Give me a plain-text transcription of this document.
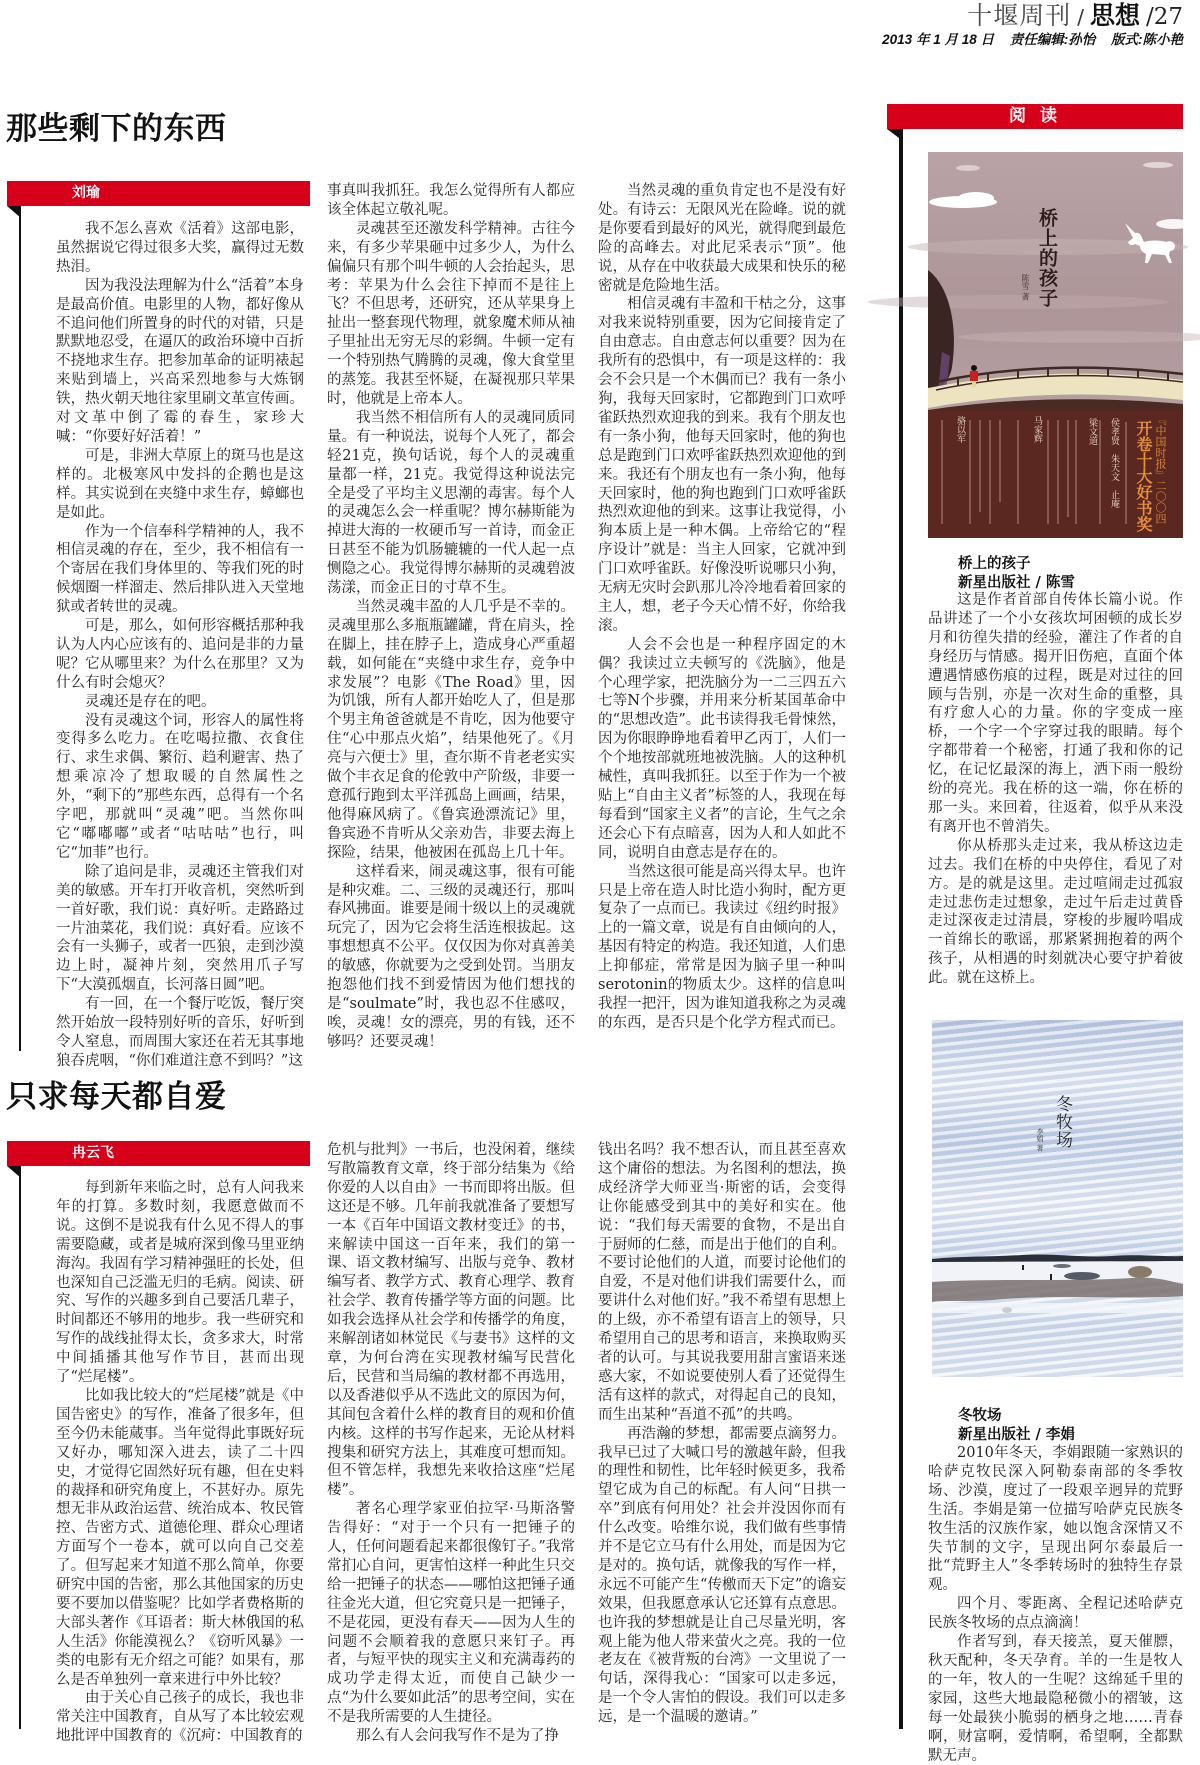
十堰周刊 / 思想 /27
2013 年 1 月 18 日 责任编辑:孙怡 版式:陈小艳
那些剩下的东西
刘瑜

我不怎么喜欢《活着》这部电影，虽然据说它得过很多大奖，赢得过无数热泪。

因为我没法理解为什么“活着”本身是最高价值。电影里的人物，都好像从不追问他们所置身的时代的对错，只是默默地忍受，在逼仄的政治环境中百折不挠地求生存。把参加革命的证明裱起来贴到墙上，兴高采烈地参与大炼钢铁，热火朝天地往家里刷文革宣传画。对文革中倒了霉的春生，家珍大喊：“你要好好活着！”

可是，非洲大草原上的斑马也是这样的。北极寒风中发抖的企鹅也是这样。其实说到在夹缝中求生存，蟑螂也是如此。

作为一个信奉科学精神的人，我不相信灵魂的存在，至少，我不相信有一个寄居在我们身体里的、等我们死的时候烟圈一样溜走、然后排队进入天堂地狱或者转世的灵魂。

可是，那么，如何形容概括那种我认为人内心应该有的、追问是非的力量呢？它从哪里来？为什么在那里？又为什么有时会熄灭？

灵魂还是存在的吧。

没有灵魂这个词，形容人的属性将变得多么吃力。在吃喝拉撒、衣食住行、求生求偶、繁衍、趋利避害、热了想乘凉冷了想取暖的自然属性之外，“剩下的”那些东西，总得有一个名字吧，那就叫“灵魂”吧。当然你叫它“嘟嘟嘟”或者“咕咕咕”也行，叫它“加菲”也行。

除了追问是非，灵魂还主管我们对美的敏感。开车打开收音机，突然听到一首好歌，我们说：真好听。走路路过一片油菜花，我们说：真好看。应该不会有一头狮子，或者一匹狼，走到沙漠边上时，凝神片刻，突然用爪子写下“大漠孤烟直，长河落日圆”吧。

有一回，在一个餐厅吃饭，餐厅突然开始放一段特别好听的音乐，好听到令人窒息，而周围大家还在若无其事地狼吞虎咽，“你们难道注意不到吗？”这

事真叫我抓狂。我怎么觉得所有人都应该全体起立敬礼呢。

灵魂甚至还激发科学精神。古往今来，有多少苹果砸中过多少人，为什么偏偏只有那个叫牛顿的人会抬起头，思考：苹果为什么会往下掉而不是往上飞？不但思考，还研究，还从苹果身上扯出一整套现代物理，就象魔术师从袖子里扯出无穷无尽的彩绸。牛顿一定有一个特别热气腾腾的灵魂，像大食堂里的蒸笼。我甚至怀疑，在凝视那只苹果时，他就是上帝本人。

我当然不相信所有人的灵魂同质同量。有一种说法，说每个人死了，都会轻21克，换句话说，每个人的灵魂重量都一样，21克。我觉得这种说法完全是受了平均主义思潮的毒害。每个人的灵魂怎么会一样重呢？博尔赫斯能为掉进大海的一枚硬币写一首诗，而金正日甚至不能为饥肠辘辘的一代人起一点恻隐之心。我觉得博尔赫斯的灵魂碧波荡漾，而金正日的寸草不生。

当然灵魂丰盈的人几乎是不幸的。灵魂里那么多瓶瓶罐罐，背在肩头，拴在脚上，挂在脖子上，造成身心严重超载，如何能在“夹缝中求生存，竞争中求发展”？电影《The Road》里，因为饥饿，所有人都开始吃人了，但是那个男主角爸爸就是不肯吃，因为他要守住“心中那点火焰”，结果他死了。《月亮与六便士》里，查尔斯不肯老老实实做个丰衣足食的伦敦中产阶级，非要一意孤行跑到太平洋孤岛上画画，结果，他得麻风病了。《鲁宾逊漂流记》里，鲁宾逊不肯听从父亲劝告，非要去海上探险，结果，他被困在孤岛上几十年。

这样看来，闹灵魂这事，很有可能是种灾难。二、三级的灵魂还行，那叫春风拂面。谁要是闹十级以上的灵魂就玩完了，因为它会将生活连根拔起。这事想想真不公平。仅仅因为你对真善美的敏感，你就要为之受到处罚。当朋友抱怨他们找不到爱情因为他们想找的是“soulmate”时，我也忍不住感叹，唉，灵魂！女的漂亮，男的有钱，还不够吗？还要灵魂！

当然灵魂的重负肯定也不是没有好处。有诗云：无限风光在险峰。说的就是你要看到最好的风光，就得爬到最危险的高峰去。对此尼采表示“顶”。他说，从存在中收获最大成果和快乐的秘密就是危险地生活。

相信灵魂有丰盈和干枯之分，这事对我来说特别重要，因为它间接肯定了自由意志。自由意志何以重要？因为在我所有的恐惧中，有一项是这样的：我会不会只是一个木偶而已？我有一条小狗，我每天回家时，它都跑到门口欢呼雀跃热烈欢迎我的到来。我有个朋友也有一条小狗，他每天回家时，他的狗也总是跑到门口欢呼雀跃热烈欢迎他的到来。我还有个朋友也有一条小狗，他每天回家时，他的狗也跑到门口欢呼雀跃热烈欢迎他的到来。这事让我觉得，小狗本质上是一种木偶。上帝给它的“程序设计”就是：当主人回家，它就冲到门口欢呼雀跃。好像没听说哪只小狗，无病无灾时会趴那儿冷冷地看着回家的主人，想，老子今天心情不好，你给我滚。

人会不会也是一种程序固定的木偶？我读过立夫顿写的《洗脑》，他是个心理学家，把洗脑分为一二三四五六七等N个步骤，并用来分析某国革命中的“思想改造”。此书读得我毛骨悚然，因为你眼睁睁地看着甲乙丙丁，人们一个个地按部就班地被洗脑。人的这种机械性，真叫我抓狂。以至于作为一个被贴上“自由主义者”标签的人，我现在每每看到“国家主义者”的言论，生气之余还会心下有点暗喜，因为人和人如此不同，说明自由意志是存在的。

当然这很可能是高兴得太早。也许只是上帝在造人时比造小狗时，配方更复杂了一点而已。我读过《纽约时报》上的一篇文章，说是有自由倾向的人，基因有特定的构造。我还知道，人们患上抑郁症，常常是因为脑子里一种叫serotonin的物质太少。这样的信息叫我捏一把汗，因为谁知道我称之为灵魂的东西，是否只是个化学方程式而已。

只求每天都自爱
冉云飞

每到新年来临之时，总有人问我来年的打算。多数时刻，我愿意做而不说。这倒不是说我有什么见不得人的事需要隐藏，或者是城府深到像马里亚纳海沟。我固有学习精神强旺的长处，但也深知自己泛滥无归的毛病。阅读、研究、写作的兴趣多到自己要活几辈子，时间都还不够用的地步。我一些研究和写作的战线扯得太长，贪多求大，时常中间插播其他写作节目，甚而出现了“烂尾楼”。

比如我比较大的“烂尾楼”就是《中国告密史》的写作，准备了很多年，但至今仍未能蒇事。当年觉得此事既好玩又好办，哪知深入进去，读了二十四史，才觉得它固然好玩有趣，但在史料的裁择和研究角度上，不甚好办。原先想无非从政治运营、统治成本、牧民管控、告密方式、道德伦理、群众心理诸方面写个一卷本，就可以向自己交差了。但写起来才知道不那么简单，你要研究中国的告密，那么其他国家的历史要不要加以借鉴呢？比如学者费格斯的大部头著作《耳语者：斯大林俄国的私人生活》你能漠视么？《窃听风暴》一类的电影有无介绍之可能？如果有，那么是否单独列一章来进行中外比较？

由于关心自己孩子的成长，我也非常关注中国教育，自从写了本比较宏观地批评中国教育的《沉疴：中国教育的

危机与批判》一书后，也没闲着，继续写散篇教育文章，终于部分结集为《给你爱的人以自由》一书而即将出版。但这还是不够。几年前我就准备了要想写一本《百年中国语文教材变迁》的书，来解读中国这一百年来，我们的第一课、语文教材编写、出版与竞争、教材编写者、教学方式、教育心理学、教育社会学、教育传播学等方面的问题。比如我会选择从社会学和传播学的角度，来解剖诸如林觉民《与妻书》这样的文章，为何台湾在实现教材编写民营化后，民营和当局编的教材都不再选用，以及香港似乎从不选此文的原因为何，其间包含着什么样的教育目的观和价值内核。这样的书写作起来，无论从材料搜集和研究方法上，其难度可想而知。但不管怎样，我想先来收拾这座“烂尾楼”。

著名心理学家亚伯拉罕·马斯洛警告得好：“对于一个只有一把锤子的人，任何问题看起来都很像钉子。”我常常扪心自问，更害怕这样一种此生只交给一把锤子的状态——哪怕这把锤子通往金光大道，但它究竟只是一把锤子，不是花园，更没有春天——因为人生的问题不会顺着我的意愿只来钉子。再者，与短平快的现实主义和充满毒药的成功学走得太近，而使自己缺少一点“为什么要如此活”的思考空间，实在不是我所需要的人生捷径。

那么有人会问我写作不是为了挣

钱出名吗？我不想否认，而且甚至喜欢这个庸俗的想法。为名图利的想法，换成经济学大师亚当·斯密的话，会变得让你能感受到其中的美好和实在。他说：“我们每天需要的食物，不是出自于厨师的仁慈，而是出于他们的自利。不要讨论他们的人道，而要讨论他们的自爱，不是对他们讲我们需要什么，而要讲什么对他们好。”我不希望有思想上的上级，亦不希望有语言上的领导，只希望用自己的思考和语言，来换取购买者的认可。与其说我要用甜言蜜语来迷惑大家，不如说要使别人看了还觉得生活有这样的款式，对得起自己的良知，而生出某种“吾道不孤”的共鸣。

再浩瀚的梦想，都需要点滴努力。我早已过了大喊口号的激越年龄，但我的理性和韧性，比年轻时候更多，我希望它成为自己的标配。有人问“日拱一卒”到底有何用处？社会并没因你而有什么改变。哈维尔说，我们做有些事情并不是它立马有什么用处，而是因为它是对的。换句话，就像我的写作一样，永远不可能产生“传檄而天下定”的谵妄效果，但我愿意承认它还算有点意思。也许我的梦想就是让自己尽量光明，客观上能为他人带来萤火之亮。我的一位老友在《被背叛的台湾》一文里说了一句话，深得我心：“国家可以走多远，是一个令人害怕的假设。我们可以走多远，是一个温暖的邀请。”

阅 读
桥上的孩子
陈雪 著
『中国时报』二〇〇四
开卷十大好书奖
侯孝贤　朱天文　止庵
梁文道
马家辉
骆以军
桥上的孩子
新星出版社 / 陈雪

这是作者首部自传体长篇小说。作品讲述了一个小女孩坎坷困顿的成长岁月和彷徨失措的经验，灌注了作者的自身经历与情感。揭开旧伤疤，直面个体遭遇情感伤痕的过程，既是对过往的回顾与告别，亦是一次对生命的重整，具有疗愈人心的力量。你的字变成一座桥，一个字一个字穿过我的眼睛。每个字都带着一个秘密，打通了我和你的记忆，在记忆最深的海上，洒下雨一般纷纷的亮光。我在桥的这一端，你在桥的那一头。来回着，往返着，似乎从来没有离开也不曾消失。

你从桥那头走过来，我从桥这边走过去。我们在桥的中央停住，看见了对方。是的就是这里。走过喧闹走过孤寂走过悲伤走过想象，走过午后走过黄昏走过深夜走过清晨，穿梭的步履吟唱成一首绵长的歌谣，那紧紧拥抱着的两个孩子，从相遇的时刻就决心要守护着彼此。就在这桥上。

冬牧场
李娟 著
冬牧场
新星出版社 / 李娟

2010年冬天，李娟跟随一家熟识的哈萨克牧民深入阿勒泰南部的冬季牧场、沙漠，度过了一段艰辛迥异的荒野生活。李娟是第一位描写哈萨克民族冬牧生活的汉族作家，她以饱含深情又不失节制的文字，呈现出阿尔泰最后一批“荒野主人”冬季转场时的独特生存景观。

四个月、零距离、全程记述哈萨克民族冬牧场的点点滴滴！

作者写到，春天接羔，夏天催膘，秋天配种，冬天孕育。羊的一生是牧人的一年，牧人的一生呢？这绵延千里的家园，这些大地最隐秘微小的褶皱，这每一处最狭小脆弱的栖身之地……青春啊，财富啊，爱情啊，希望啊，全都默默无声。
